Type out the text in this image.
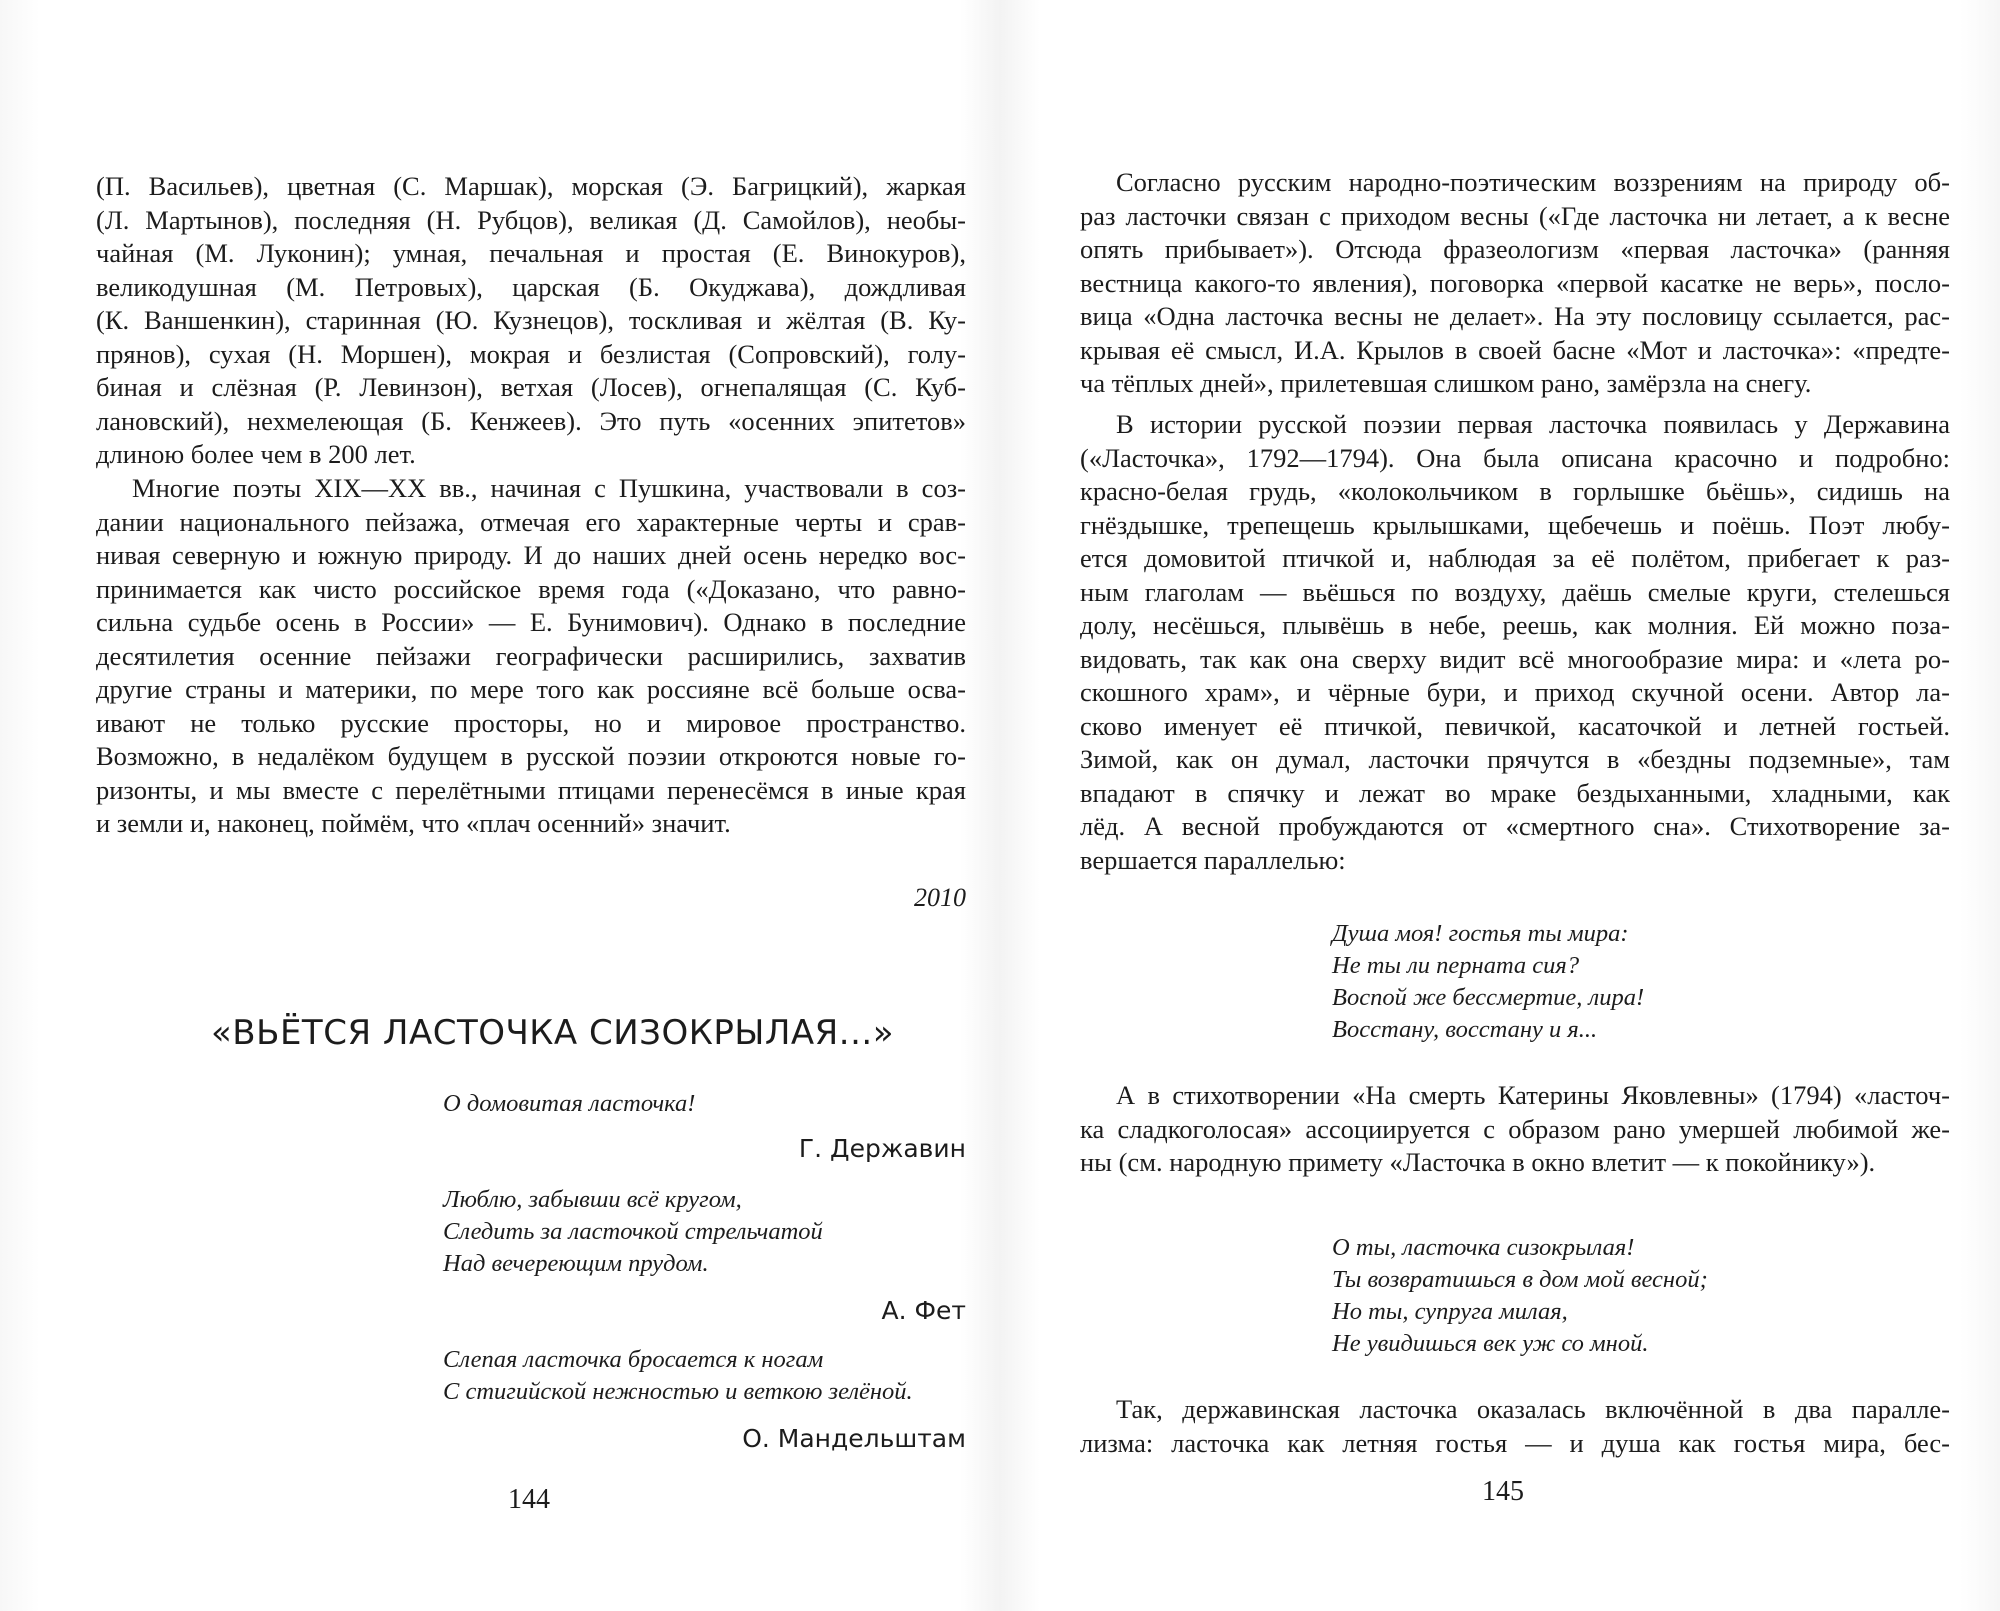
(П. Васильев), цветная (С. Маршак), морская (Э. Багрицкий), жаркая
(Л. Мартынов), последняя (Н. Рубцов), великая (Д. Самойлов), необы-
чайная (М. Луконин); умная, печальная и простая (Е. Винокуров),
великодушная (М. Петровых), царская (Б. Окуджава), дождливая
(К. Ваншенкин), старинная (Ю. Кузнецов), тоскливая и жёлтая (В. Ку-
прянов), сухая (Н. Моршен), мокрая и безлистая (Сопровский), голу-
биная и слёзная (Р. Левинзон), ветхая (Лосев), огнепалящая (С. Куб-
лановский), нехмелеющая (Б. Кенжеев). Это путь «осенних эпитетов»
длиною более чем в 200 лет.
Многие поэты XIX—XX вв., начиная с Пушкина, участвовали в соз-
дании национального пейзажа, отмечая его характерные черты и срав-
нивая северную и южную природу. И до наших дней осень нередко вос-
принимается как чисто российское время года («Доказано, что равно-
сильна судьбе осень в России» — Е. Бунимович). Однако в последние
десятилетия осенние пейзажи географически расширились, захватив
другие страны и материки, по мере того как россияне всё больше осва-
ивают не только русские просторы, но и мировое пространство.
Возможно, в недалёком будущем в русской поэзии откроются новые го-
ризонты, и мы вместе с перелётными птицами перенесёмся в иные края
и земли и, наконец, поймём, что «плач осенний» значит.
2010
«ВЬЁТСЯ ЛАСТОЧКА СИЗОКРЫЛАЯ...»
О домовитая ласточка!
Г. Державин
Люблю, забывши всё кругом,
Следить за ласточкой стрельчатой
Над вечереющим прудом.
А. Фет
Слепая ласточка бросается к ногам
С стигийской нежностью и веткою зелёной.
О. Мандельштам
144
Согласно русским народно-поэтическим воззрениям на природу об-
раз ласточки связан с приходом весны («Где ласточка ни летает, а к весне
опять прибывает»). Отсюда фразеологизм «первая ласточка» (ранняя
вестница какого-то явления), поговорка «первой касатке не верь», посло-
вица «Одна ласточка весны не делает». На эту пословицу ссылается, рас-
крывая её смысл, И.А. Крылов в своей басне «Мот и ласточка»: «предте-
ча тёплых дней», прилетевшая слишком рано, замёрзла на снегу.
В истории русской поэзии первая ласточка появилась у Державина
(«Ласточка», 1792—1794). Она была описана красочно и подробно:
красно-белая грудь, «колокольчиком в горлышке бьёшь», сидишь на
гнёздышке, трепещешь крылышками, щебечешь и поёшь. Поэт любу-
ется домовитой птичкой и, наблюдая за её полётом, прибегает к раз-
ным глаголам — вьёшься по воздуху, даёшь смелые круги, стелешься
долу, несёшься, плывёшь в небе, реешь, как молния. Ей можно поза-
видовать, так как она сверху видит всё многообразие мира: и «лета ро-
скошного храм», и чёрные бури, и приход скучной осени. Автор ла-
сково именует её птичкой, певичкой, касаточкой и летней гостьей.
Зимой, как он думал, ласточки прячутся в «бездны подземные», там
впадают в спячку и лежат во мраке бездыханными, хладными, как
лёд. А весной пробуждаются от «смертного сна». Стихотворение за-
вершается параллелью:
Душа моя! гостья ты мира:
Не ты ли перната сия?
Воспой же бессмертие, лира!
Восстану, восстану и я...
А в стихотворении «На смерть Катерины Яковлевны» (1794) «ласточ-
ка сладкоголосая» ассоциируется с образом рано умершей любимой же-
ны (см. народную примету «Ласточка в окно влетит — к покойнику»).
О ты, ласточка сизокрылая!
Ты возвратишься в дом мой весной;
Но ты, супруга милая,
Не увидишься век уж со мной.
Так, державинская ласточка оказалась включённой в два паралле-
лизма: ласточка как летняя гостья — и душа как гостья мира, бес-
145
